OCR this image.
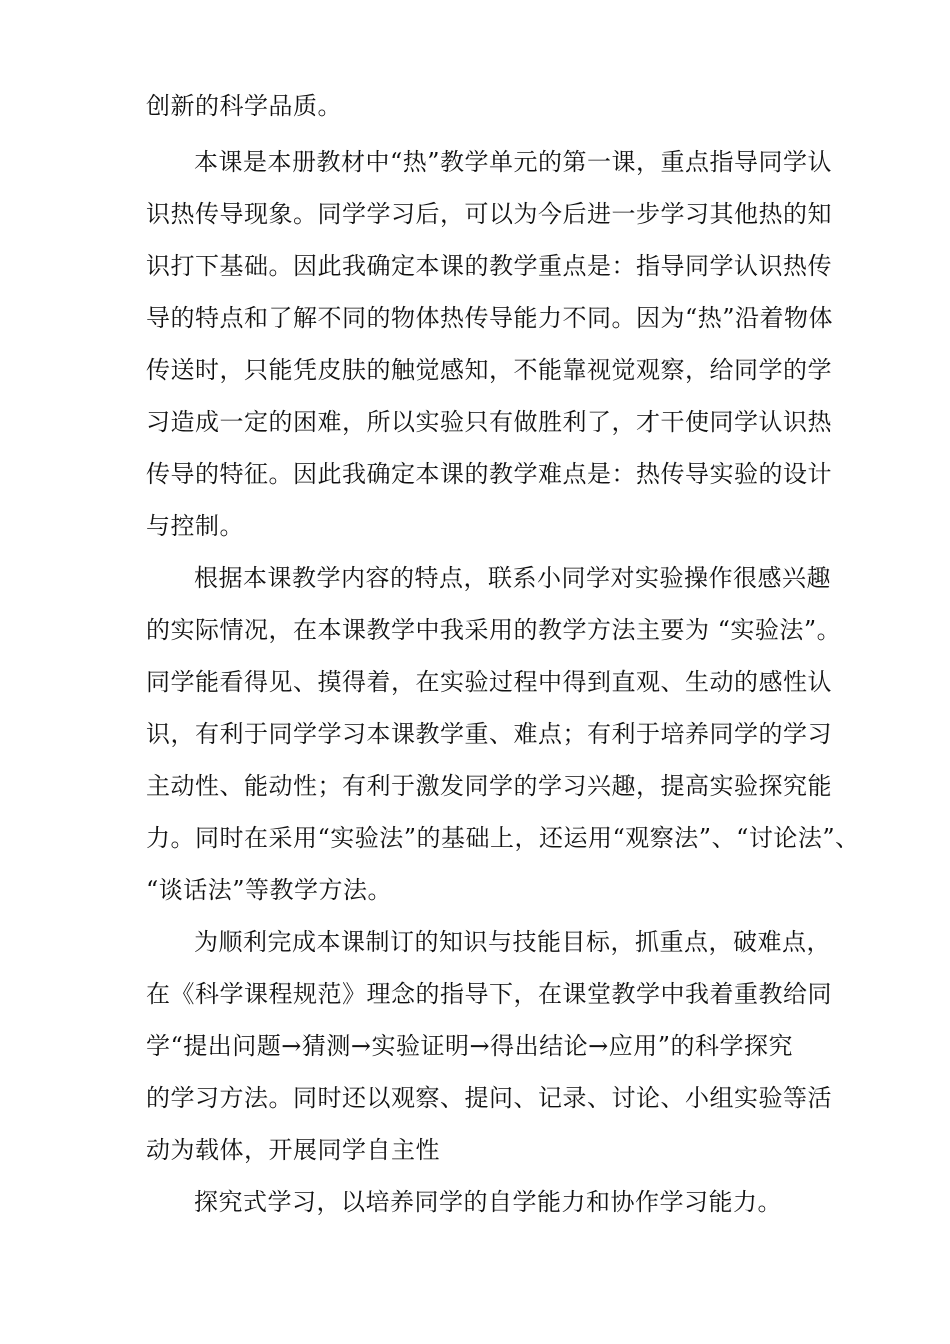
创新的科学品质。
本课是本册教材中“热”教学单元的第一课，重点指导同学认
识热传导现象。同学学习后，可以为今后进一步学习其他热的知
识打下基础。因此我确定本课的教学重点是：指导同学认识热传
导的特点和了解不同的物体热传导能力不同。因为“热”沿着物体
传送时，只能凭皮肤的触觉感知，不能靠视觉观察，给同学的学
习造成一定的困难，所以实验只有做胜利了，才干使同学认识热
传导的特征。因此我确定本课的教学难点是：热传导实验的设计
与控制。
根据本课教学内容的特点，联系小同学对实验操作很感兴趣
的实际情况，在本课教学中我采用的教学方法主要为 “实验法”。
同学能看得见、摸得着，在实验过程中得到直观、生动的感性认
识，有利于同学学习本课教学重、难点；有利于培养同学的学习
主动性、能动性；有利于激发同学的学习兴趣，提高实验探究能
力。同时在采用“实验法”的基础上，还运用“观察法”、“讨论法”、
“谈话法”等教学方法。
为顺利完成本课制订的知识与技能目标，抓重点，破难点，
在《科学课程规范》理念的指导下，在课堂教学中我着重教给同
学“提出问题→猜测→实验证明→得出结论→应用”的科学探究
的学习方法。同时还以观察、提问、记录、讨论、小组实验等活
动为载体，开展同学自主性
探究式学习，以培养同学的自学能力和协作学习能力。
